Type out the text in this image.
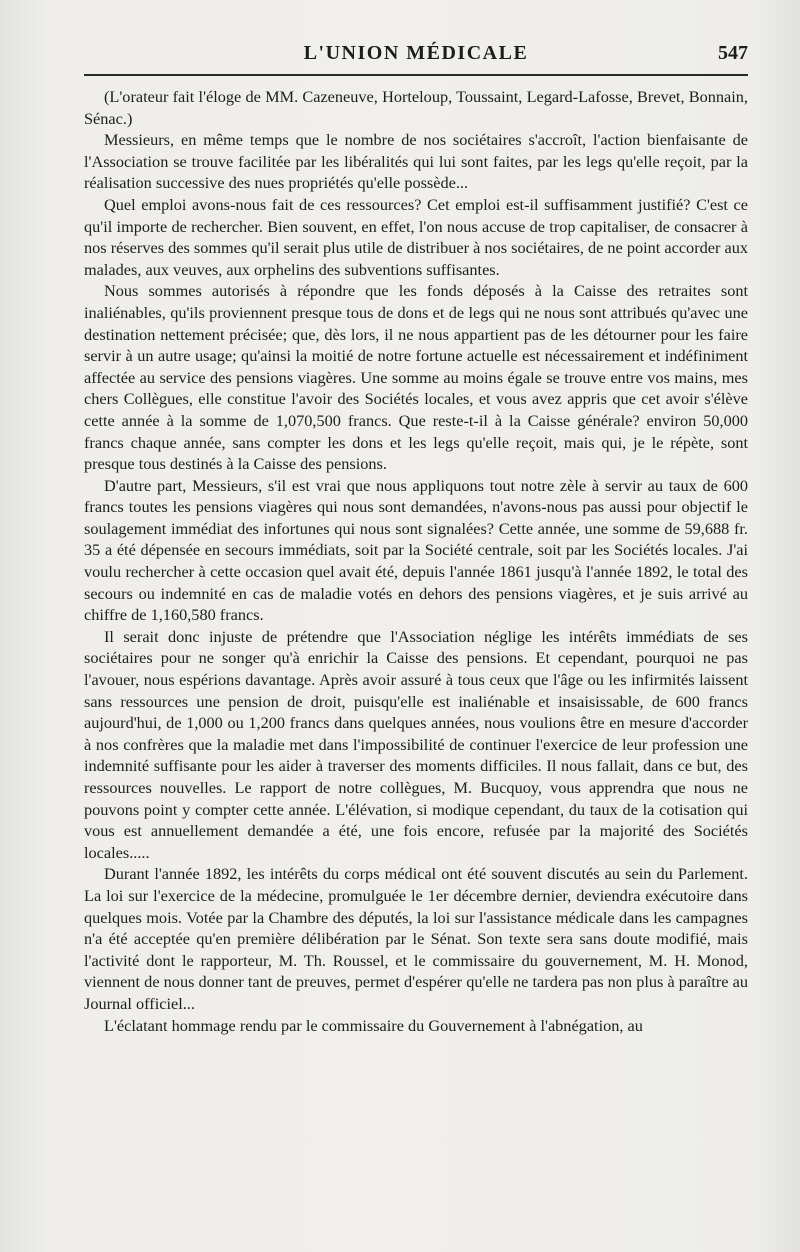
L'UNION MÉDICALE	547

(L'orateur fait l'éloge de MM. Cazeneuve, Horteloup, Toussaint, Legard-Lafosse, Brevet, Bonnain, Sénac.)

Messieurs, en même temps que le nombre de nos sociétaires s'accroît, l'action bienfaisante de l'Association se trouve facilitée par les libéralités qui lui sont faites, par les legs qu'elle reçoit, par la réalisation successive des nues propriétés qu'elle possède...

Quel emploi avons-nous fait de ces ressources? Cet emploi est-il suffisamment justifié? C'est ce qu'il importe de rechercher. Bien souvent, en effet, l'on nous accuse de trop capitaliser, de consacrer à nos réserves des sommes qu'il serait plus utile de distribuer à nos sociétaires, de ne point accorder aux malades, aux veuves, aux orphelins des subventions suffisantes.

Nous sommes autorisés à répondre que les fonds déposés à la Caisse des retraites sont inaliénables, qu'ils proviennent presque tous de dons et de legs qui ne nous sont attribués qu'avec une destination nettement précisée; que, dès lors, il ne nous appartient pas de les détourner pour les faire servir à un autre usage; qu'ainsi la moitié de notre fortune actuelle est nécessairement et indéfiniment affectée au service des pensions viagères. Une somme au moins égale se trouve entre vos mains, mes chers Collègues, elle constitue l'avoir des Sociétés locales, et vous avez appris que cet avoir s'élève cette année à la somme de 1,070,500 francs. Que reste-t-il à la Caisse générale? environ 50,000 francs chaque année, sans compter les dons et les legs qu'elle reçoit, mais qui, je le répète, sont presque tous destinés à la Caisse des pensions.

D'autre part, Messieurs, s'il est vrai que nous appliquons tout notre zèle à servir au taux de 600 francs toutes les pensions viagères qui nous sont demandées, n'avons-nous pas aussi pour objectif le soulagement immédiat des infortunes qui nous sont signalées? Cette année, une somme de 59,688 fr. 35 a été dépensée en secours immédiats, soit par la Société centrale, soit par les Sociétés locales. J'ai voulu rechercher à cette occasion quel avait été, depuis l'année 1861 jusqu'à l'année 1892, le total des secours ou indemnité en cas de maladie votés en dehors des pensions viagères, et je suis arrivé au chiffre de 1,160,580 francs.

Il serait donc injuste de prétendre que l'Association néglige les intérêts immédiats de ses sociétaires pour ne songer qu'à enrichir la Caisse des pensions. Et cependant, pourquoi ne pas l'avouer, nous espérions davantage. Après avoir assuré à tous ceux que l'âge ou les infirmités laissent sans ressources une pension de droit, puisqu'elle est inaliénable et insaisissable, de 600 francs aujourd'hui, de 1,000 ou 1,200 francs dans quelques années, nous voulions être en mesure d'accorder à nos confrères que la maladie met dans l'impossibilité de continuer l'exercice de leur profession une indemnité suffisante pour les aider à traverser des moments difficiles. Il nous fallait, dans ce but, des ressources nouvelles. Le rapport de notre collègues, M. Bucquoy, vous apprendra que nous ne pouvons point y compter cette année. L'élévation, si modique cependant, du taux de la cotisation qui vous est annuellement demandée a été, une fois encore, refusée par la majorité des Sociétés locales.....

Durant l'année 1892, les intérêts du corps médical ont été souvent discutés au sein du Parlement. La loi sur l'exercice de la médecine, promulguée le 1er décembre dernier, deviendra exécutoire dans quelques mois. Votée par la Chambre des députés, la loi sur l'assistance médicale dans les campagnes n'a été acceptée qu'en première délibération par le Sénat. Son texte sera sans doute modifié, mais l'activité dont le rapporteur, M. Th. Roussel, et le commissaire du gouvernement, M. H. Monod, viennent de nous donner tant de preuves, permet d'espérer qu'elle ne tardera pas non plus à paraître au Journal officiel...

L'éclatant hommage rendu par le commissaire du Gouvernement à l'abnégation, au
